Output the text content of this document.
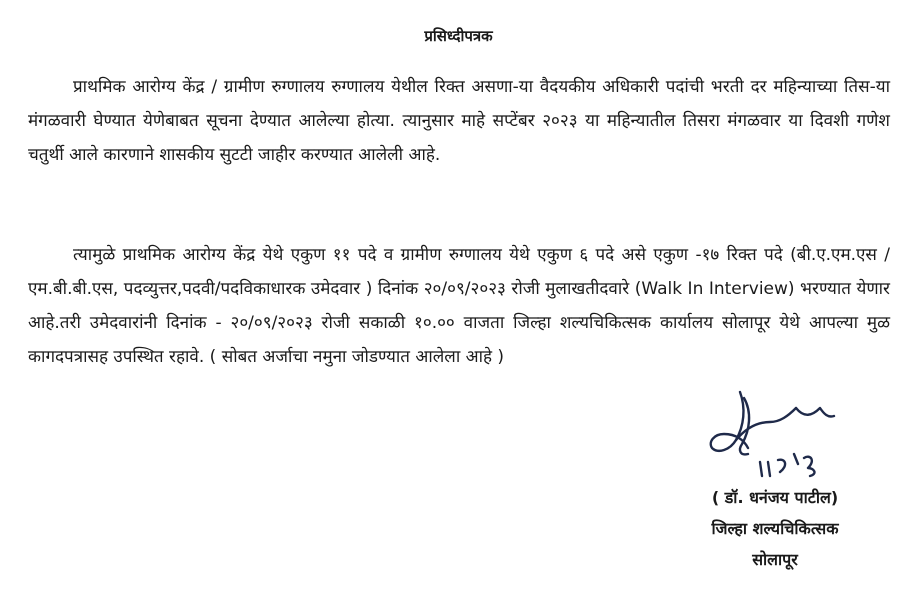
प्रसिध्दीपत्रक

प्राथमिक आरोग्य केंद्र / ग्रामीण रुग्णालय रुग्णालय येथील रिक्त असणा-या वैदयकीय अधिकारी पदांची भरती दर महिन्याच्या तिस-या मंगळवारी घेण्यात येणेबाबत सूचना देण्यात आलेल्या होत्या. त्यानुसार माहे सप्टेंबर २०२३ या महिन्यातील तिसरा मंगळवार या दिवशी गणेश चतुर्थी आले कारणाने शासकीय सुटटी जाहीर करण्यात आलेली आहे.

त्यामुळे प्राथमिक आरोग्य केंद्र येथे एकुण ११ पदे व ग्रामीण रुग्णालय येथे एकुण ६ पदे असे एकुण -१७ रिक्त पदे (बी.ए.एम.एस /एम.बी.बी.एस, पदव्युत्तर,पदवी/पदविकाधारक उमेदवार ) दिनांक २०/०९/२०२३ रोजी मुलाखतीदवारे (Walk In Interview) भरण्यात येणार आहे.तरी उमेदवारांनी दिनांक - २०/०९/२०२३ रोजी सकाळी १०.०० वाजता जिल्हा शल्यचिकित्सक कार्यालय सोलापूर येथे आपल्या मुळ कागदपत्रासह उपस्थित रहावे. ( सोबत अर्जाचा नमुना जोडण्यात आलेला आहे )

( डॉ. धनंजय पाटील)
जिल्हा शल्यचिकित्सक
सोलापूर
